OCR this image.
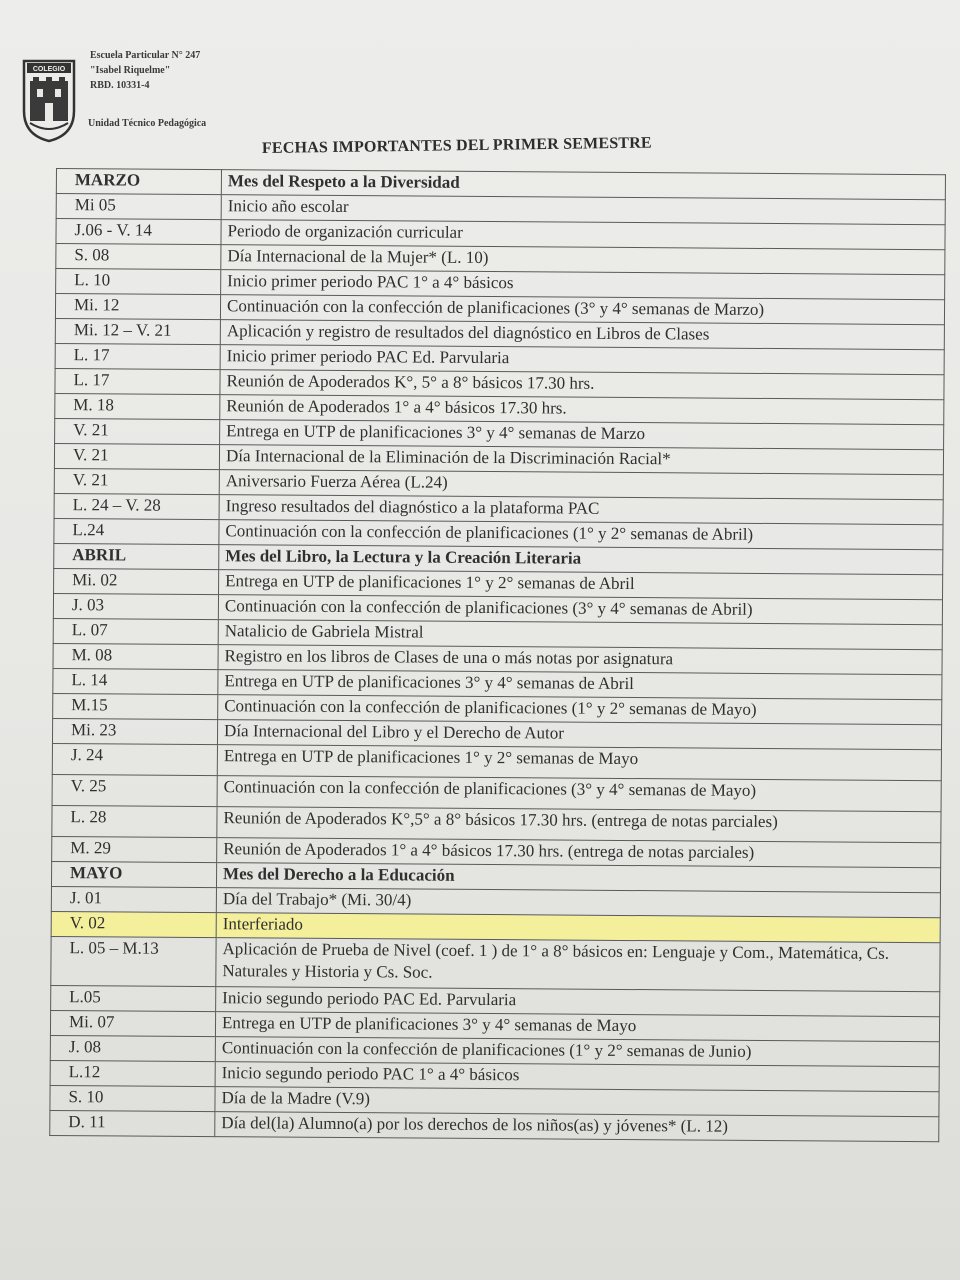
COLEGIO
Escuela Particular N° 247
"Isabel Riquelme"
RBD. 10331-4
Unidad Técnico Pedagógica
FECHAS IMPORTANTES DEL PRIMER SEMESTRE
MARZO	Mes del Respeto a la Diversidad
Mi 05	Inicio año escolar
J.06 - V. 14	Periodo de organización curricular
S. 08	Día Internacional de la Mujer* (L. 10)
L. 10	Inicio primer periodo PAC 1° a 4° básicos
Mi. 12	Continuación con la confección de planificaciones (3° y 4° semanas de Marzo)
Mi. 12 – V. 21	Aplicación y registro de resultados del diagnóstico en Libros de Clases
L. 17	Inicio primer periodo PAC Ed. Parvularia
L. 17	Reunión de Apoderados K°, 5° a 8° básicos 17.30 hrs.
M. 18	Reunión de Apoderados 1° a 4° básicos 17.30 hrs.
V. 21	Entrega en UTP de planificaciones 3° y 4° semanas de Marzo
V. 21	Día Internacional de la Eliminación de la Discriminación Racial*
V. 21	Aniversario Fuerza Aérea (L.24)
L. 24 – V. 28	Ingreso resultados del diagnóstico a la plataforma PAC
L.24	Continuación con la confección de planificaciones (1° y 2° semanas de Abril)
ABRIL	Mes del Libro, la Lectura y la Creación Literaria
Mi. 02	Entrega en UTP de planificaciones 1° y 2° semanas de Abril
J. 03	Continuación con la confección de planificaciones (3° y 4° semanas de Abril)
L. 07	Natalicio de Gabriela Mistral
M. 08	Registro en los libros de Clases de una o más notas por asignatura
L. 14	Entrega en UTP de planificaciones 3° y 4° semanas de Abril
M.15	Continuación con la confección de planificaciones (1° y 2° semanas de Mayo)
Mi. 23	Día Internacional del Libro y el Derecho de Autor
J. 24	Entrega en UTP de planificaciones 1° y 2° semanas de Mayo
V. 25	Continuación con la confección de planificaciones (3° y 4° semanas de Mayo)
L. 28	Reunión de Apoderados K°,5° a 8° básicos 17.30 hrs. (entrega de notas parciales)
M. 29	Reunión de Apoderados 1° a 4° básicos 17.30 hrs. (entrega de notas parciales)
MAYO	Mes del Derecho a la Educación
J. 01	Día del Trabajo* (Mi. 30/4)
V. 02	Interferiado
L. 05 – M.13	Aplicación de Prueba de Nivel (coef. 1 ) de 1° a 8° básicos en: Lenguaje y Com., Matemática, Cs. Naturales y Historia y Cs. Soc.
L.05	Inicio segundo periodo PAC Ed. Parvularia
Mi. 07	Entrega en UTP de planificaciones 3° y 4° semanas de Mayo
J. 08	Continuación con la confección de planificaciones (1° y 2° semanas de Junio)
L.12	Inicio segundo periodo PAC 1° a 4° básicos
S. 10	Día de la Madre (V.9)
D. 11	Día del(la) Alumno(a) por los derechos de los niños(as) y jóvenes* (L. 12)
